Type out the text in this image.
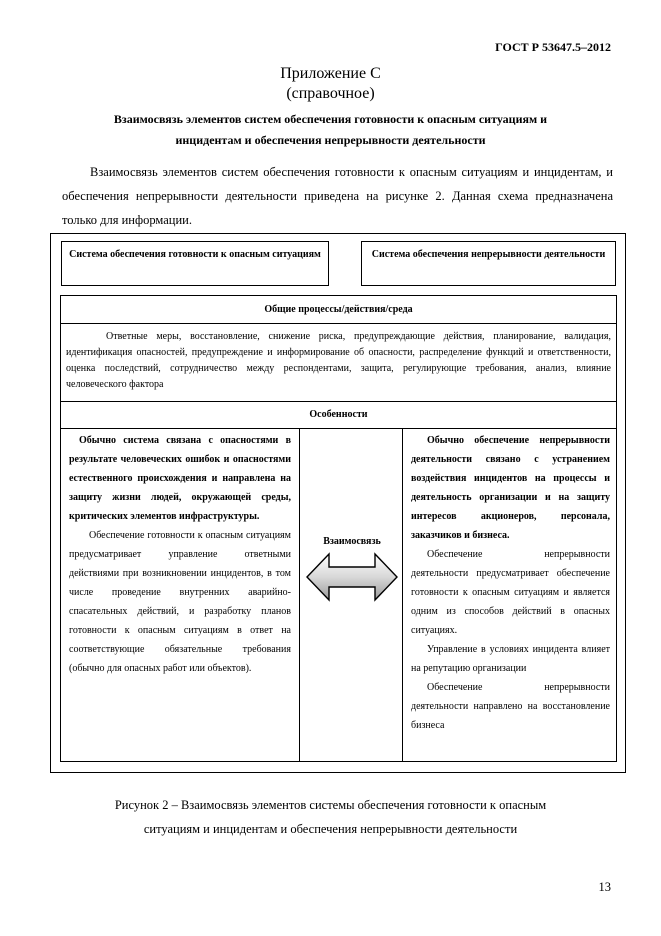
ГОСТ Р 53647.5–2012
Приложение С
(справочное)
Взаимосвязь элементов систем обеспечения готовности к опасным ситуациям и
инцидентам и обеспечения непрерывности деятельности
Взаимосвязь элементов систем обеспечения готовности к опасным ситуациям и инцидентам, и обеспечения непрерывности деятельности приведена на рисунке 2. Данная схема предназначена только для информации.
Система обеспечения готовности к опасным ситуациям	Система обеспечения непрерывности деятельности
Общие процессы/действия/среда
Ответные меры, восстановление, снижение риска, предупреждающие действия, планирование, валидация, идентификация опасностей, предупреждение и информирование об опасности, распределение функций и ответственности, оценка последствий, сотрудничество между респондентами, защита, регулирующие требования, анализ, влияние человеческого фактора
Особенности

Обычно система связана с опасностями в результате человеческих ошибок и опасностями естественного происхождения и направлена на защиту жизни людей, окружающей среды, критических элементов инфраструктуры.

Обеспечение готовности к опасным ситуациям предусматривает управление ответными действиями при возникновении инцидентов, в том числе проведение внутренних аварийно-спасательных действий, и разработку планов готовности к опасным ситуациям в ответ на соответствующие обязательные требования (обычно для опасных работ или объектов).

Взаимосвязь

Обычно обеспечение непрерывности деятельности связано с устранением воздействия инцидентов на процессы и деятельность организации и на защиту интересов акционеров, персонала, заказчиков и бизнеса.

Обеспечение непрерывности деятельности предусматривает обеспечение готовности к опасным ситуациям и является одним из способов действий в опасных ситуациях.

Управление в условиях инцидента влияет на репутацию организации

Обеспечение непрерывности деятельности направлено на восстановление бизнеса

Рисунок 2 – Взаимосвязь элементов системы обеспечения готовности к опасным
ситуациям и инцидентам и обеспечения непрерывности деятельности
13
